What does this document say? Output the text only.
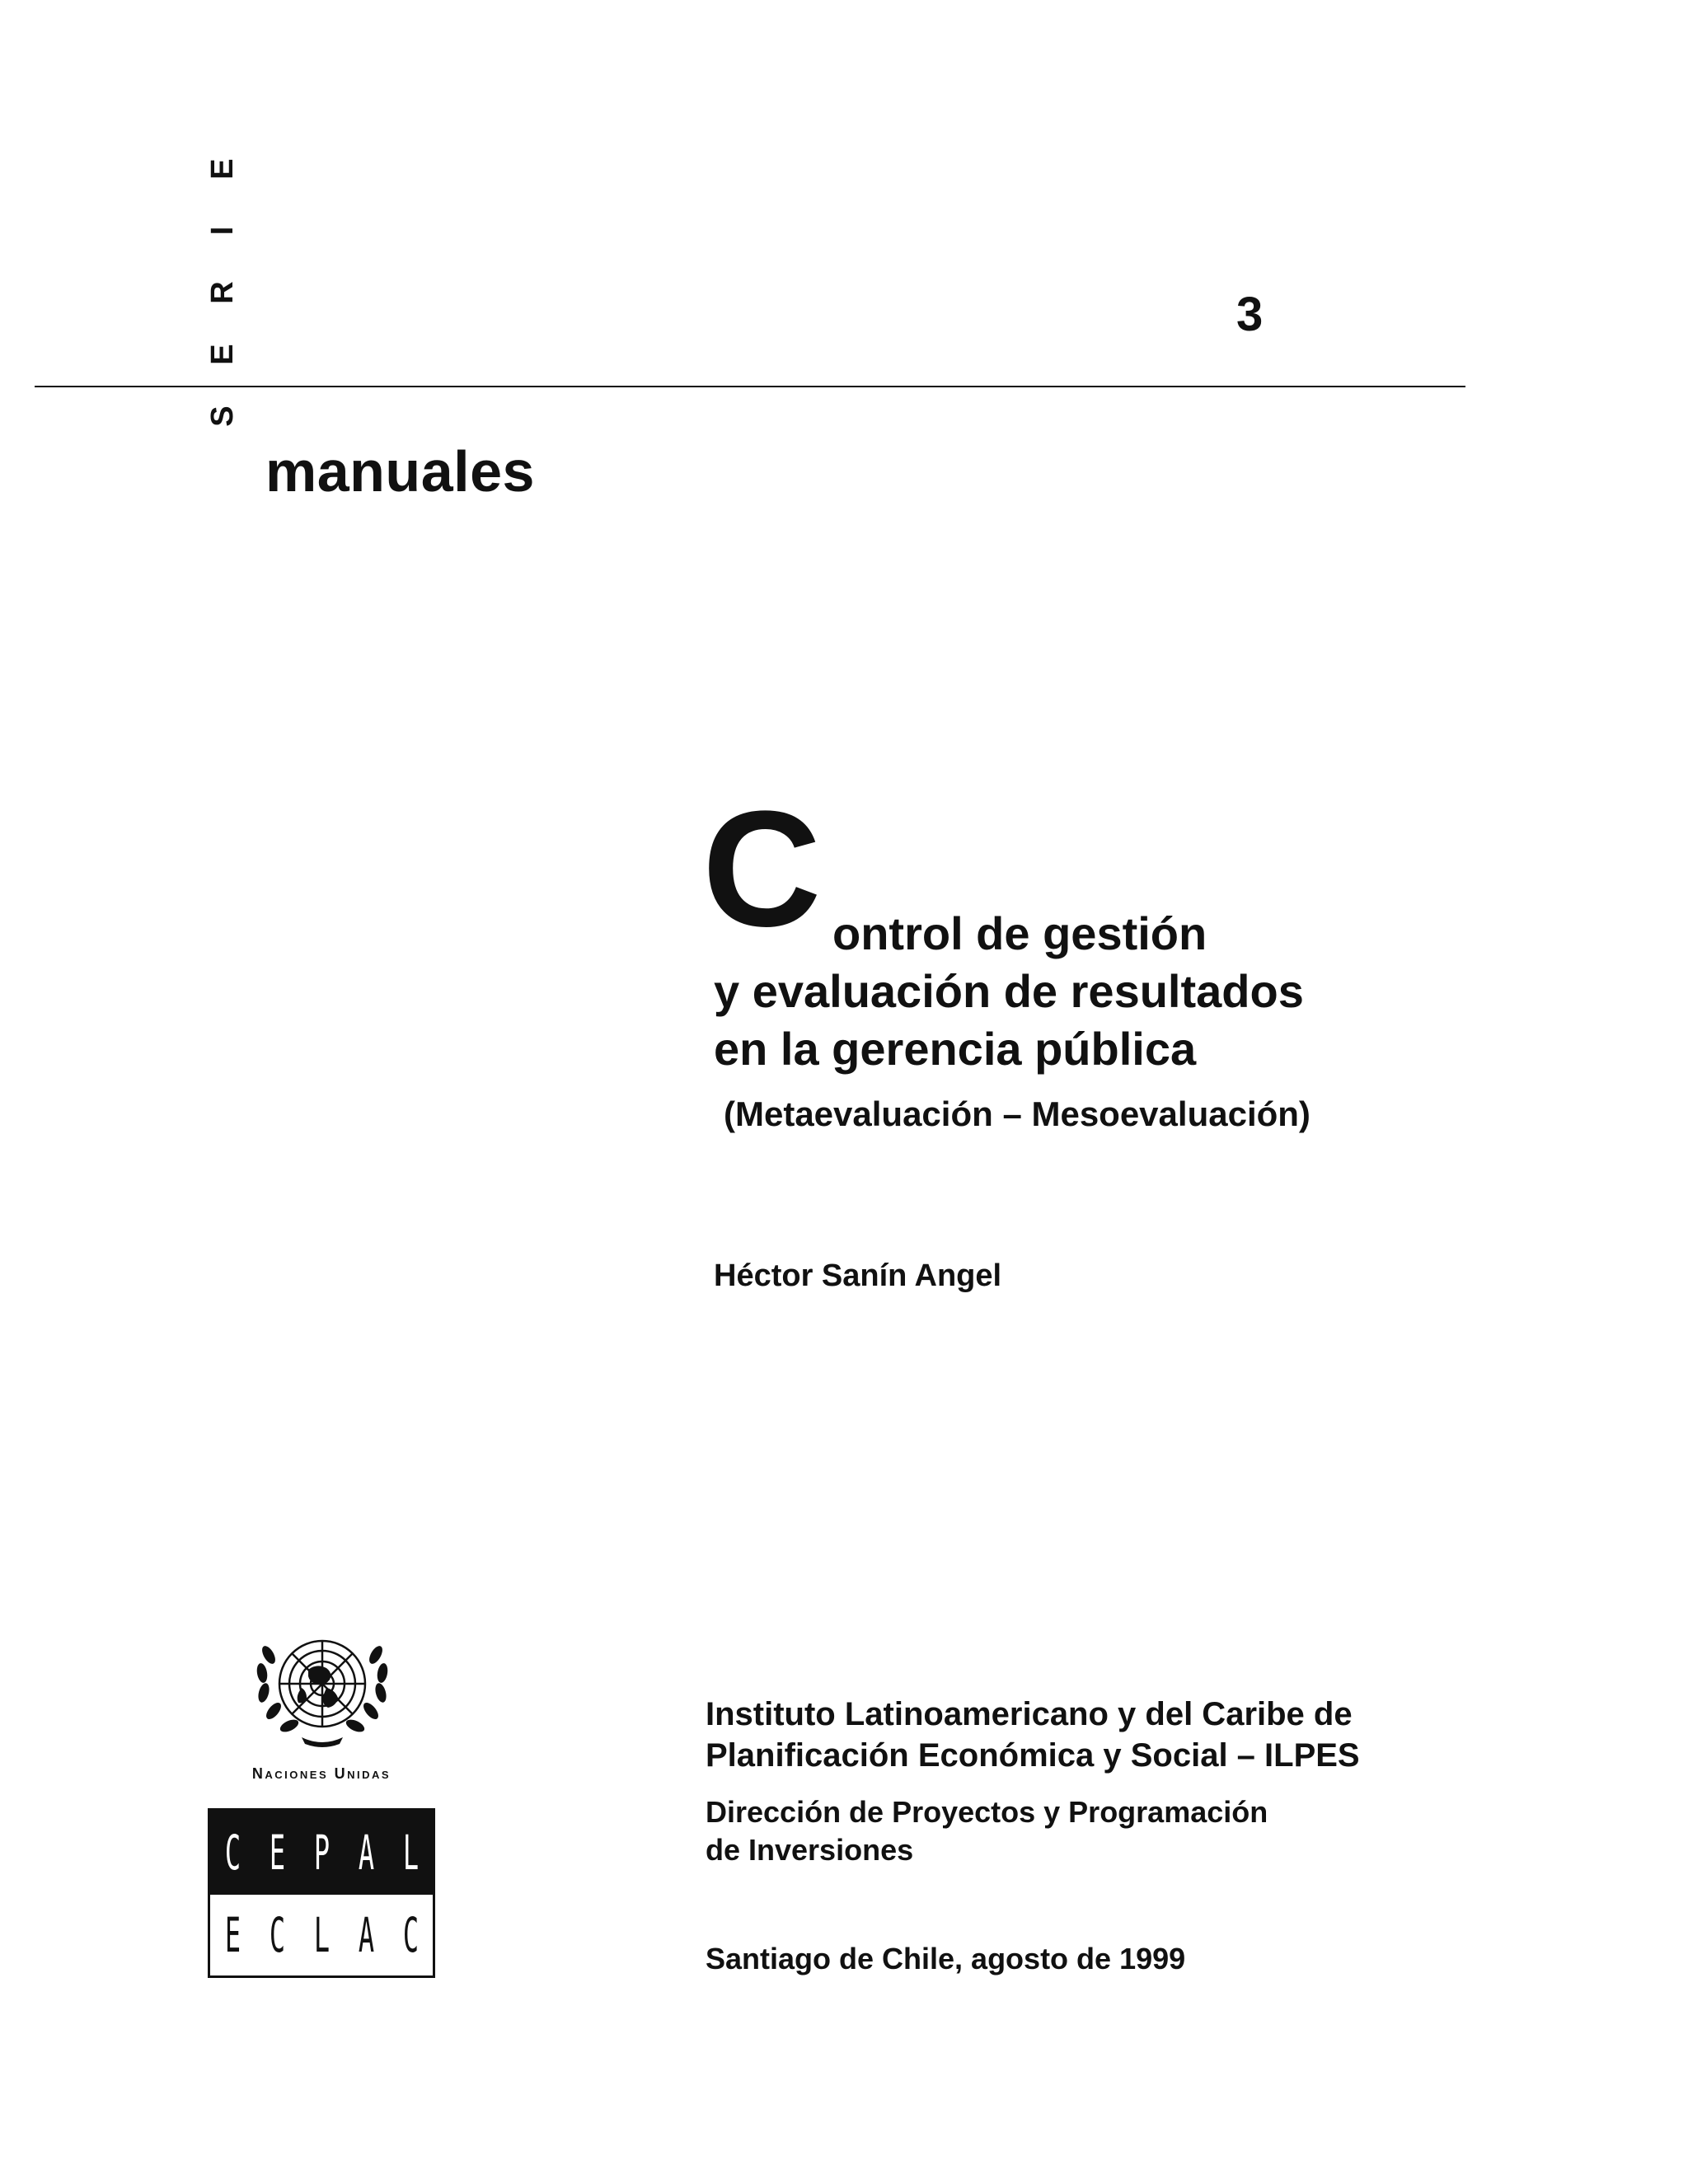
S
E
R
I
E
3
manuales
C ontrol de gestión
y evaluación de resultados
en la gerencia pública
(Metaevaluación – Mesoevaluación)
Héctor Sanín Angel
Instituto Latinoamericano y del Caribe de
Planificación Económica y Social – ILPES
Dirección de Proyectos y Programación
de Inversiones
Santiago de Chile, agosto de 1999
Naciones Unidas
C E P A L
E C L A C
